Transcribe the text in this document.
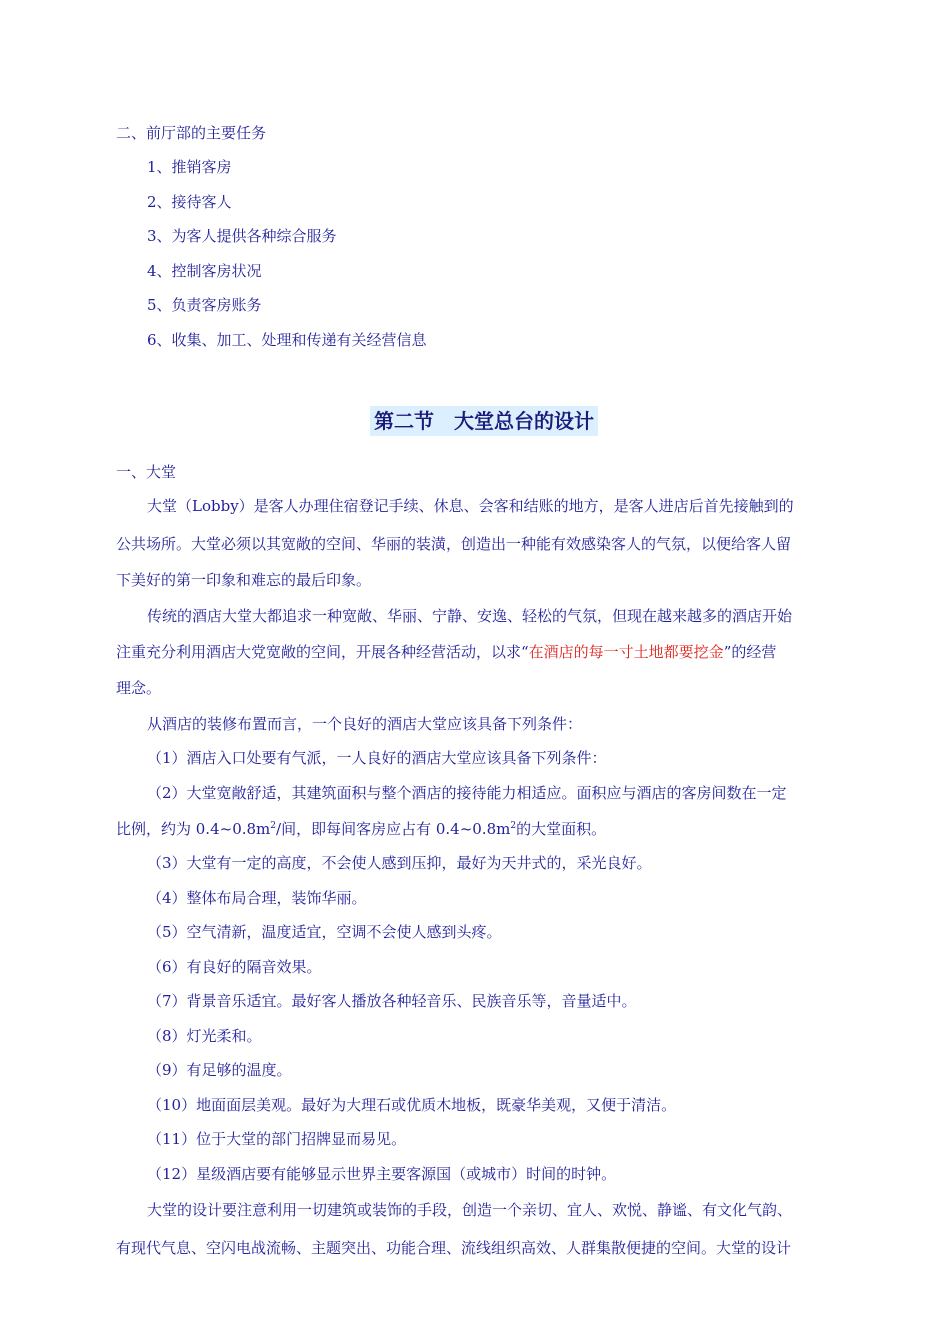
二、前厅部的主要任务
1、推销客房
2、接待客人
3、为客人提供各种综合服务
4、控制客房状况
5、负责客房账务
6、收集、加工、处理和传递有关经营信息
第二节　大堂总台的设计
一、大堂
大堂（Lobby）是客人办理住宿登记手续、休息、会客和结账的地方，是客人进店后首先接触到的
公共场所。大堂必须以其宽敞的空间、华丽的装潢，创造出一种能有效感染客人的气氛，以便给客人留
下美好的第一印象和难忘的最后印象。
传统的酒店大堂大都追求一种宽敞、华丽、宁静、安逸、轻松的气氛，但现在越来越多的酒店开始
注重充分利用酒店大党宽敞的空间，开展各种经营活动，以求“在酒店的每一寸土地都要挖金”的经营
理念。
从酒店的装修布置而言，一个良好的酒店大堂应该具备下列条件：
（1）酒店入口处要有气派，一人良好的酒店大堂应该具备下列条件：
（2）大堂宽敞舒适，其建筑面积与整个酒店的接待能力相适应。面积应与酒店的客房间数在一定
比例，约为 $0.4\sim 0.8m^2/$间，即每间客房应占有 $0.4\sim 0.8m^2$的大堂面积。
（3）大堂有一定的高度，不会使人感到压抑，最好为天井式的，采光良好。
（4）整体布局合理，装饰华丽。
（5）空气清新，温度适宜，空调不会使人感到头疼。
（6）有良好的隔音效果。
（7）背景音乐适宜。最好客人播放各种轻音乐、民族音乐等，音量适中。
（8）灯光柔和。
（9）有足够的温度。
（10）地面面层美观。最好为大理石或优质木地板，既豪华美观，又便于清洁。
（11）位于大堂的部门招牌显而易见。
（12）星级酒店要有能够显示世界主要客源国（或城市）时间的时钟。
大堂的设计要注意利用一切建筑或装饰的手段，创造一个亲切、宜人、欢悦、静谧、有文化气韵、
有现代气息、空闪电战流畅、主题突出、功能合理、流线组织高效、人群集散便捷的空间。大堂的设计
